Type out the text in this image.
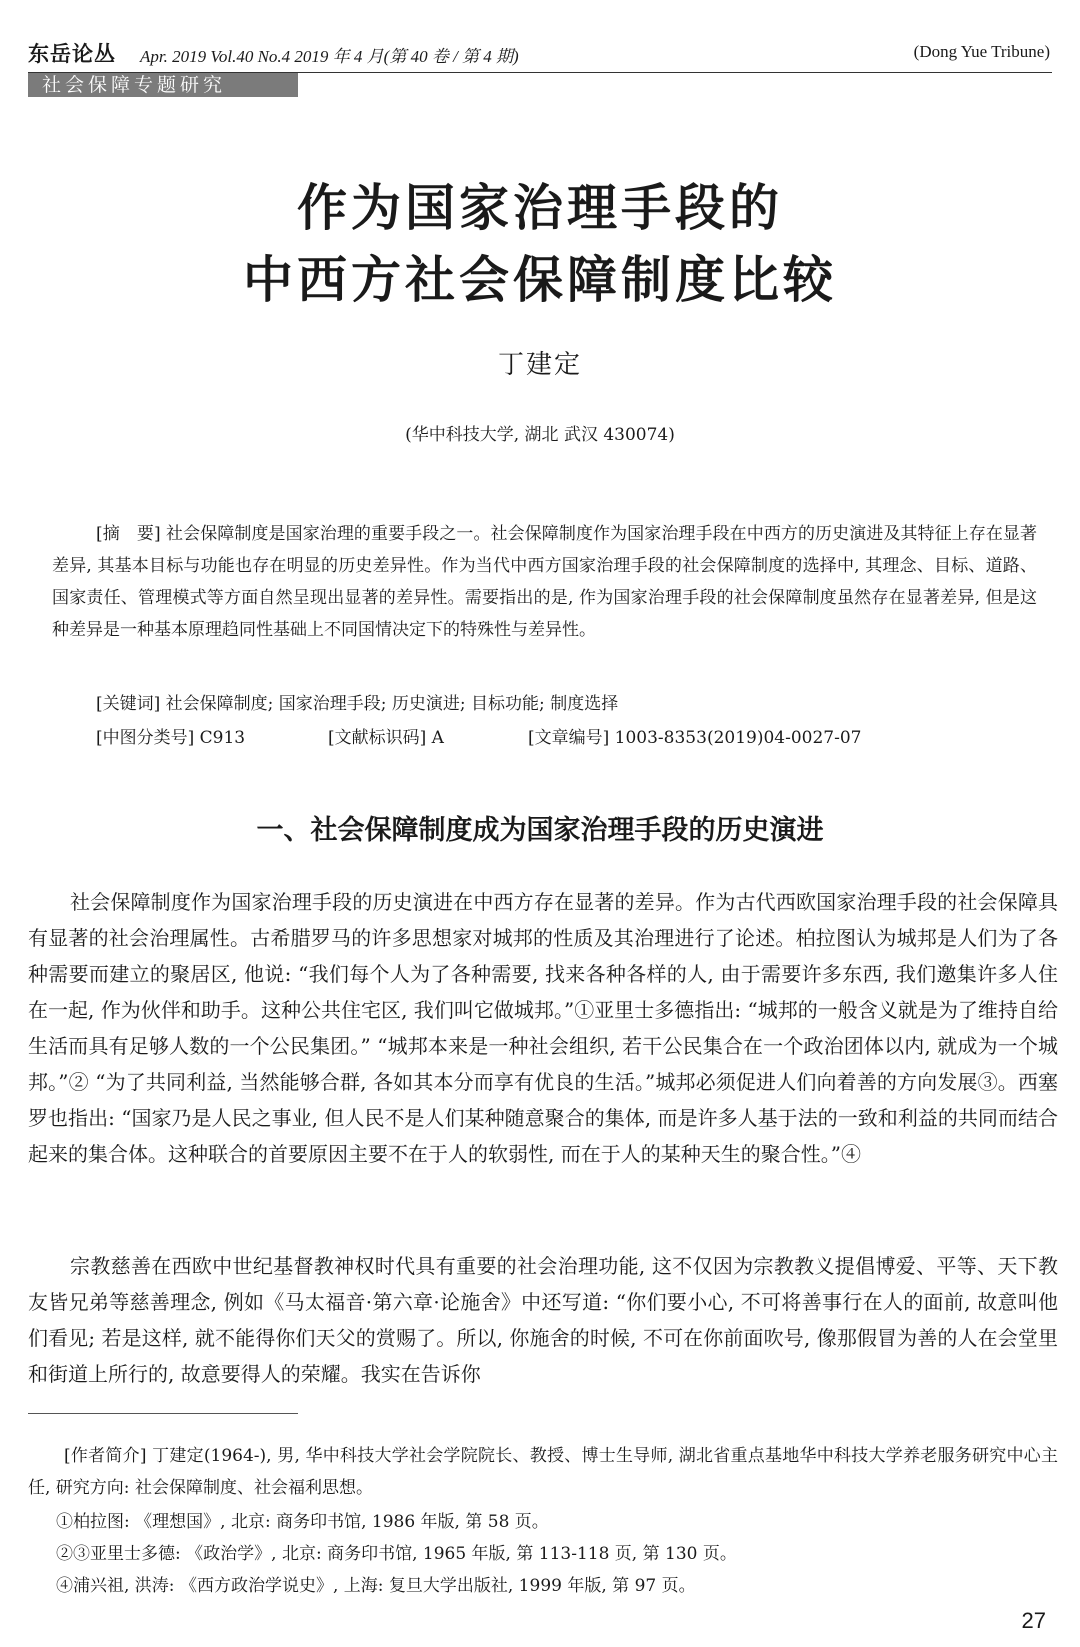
东岳论丛 Apr. 2019 Vol.40 No.4 2019 年 4 月(第 40 卷 / 第 4 期)	(Dong Yue Tribune)
社会保障专题研究
作为国家治理手段的
中西方社会保障制度比较
丁建定
(华中科技大学, 湖北 武汉 430074)
[摘　要] 社会保障制度是国家治理的重要手段之一。社会保障制度作为国家治理手段在中西方的历史演进及其特征上存在显著差异, 其基本目标与功能也存在明显的历史差异性。作为当代中西方国家治理手段的社会保障制度的选择中, 其理念、目标、道路、国家责任、管理模式等方面自然呈现出显著的差异性。需要指出的是, 作为国家治理手段的社会保障制度虽然存在显著差异, 但是这种差异是一种基本原理趋同性基础上不同国情决定下的特殊性与差异性。
[关键词] 社会保障制度; 国家治理手段; 历史演进; 目标功能; 制度选择
[中图分类号] C913	[文献标识码] A	[文章编号] 1003-8353(2019)04-0027-07
一、社会保障制度成为国家治理手段的历史演进
社会保障制度作为国家治理手段的历史演进在中西方存在显著的差异。作为古代西欧国家治理手段的社会保障具有显著的社会治理属性。古希腊罗马的许多思想家对城邦的性质及其治理进行了论述。柏拉图认为城邦是人们为了各种需要而建立的聚居区, 他说: “我们每个人为了各种需要, 找来各种各样的人, 由于需要许多东西, 我们邀集许多人住在一起, 作为伙伴和助手。这种公共住宅区, 我们叫它做城邦。”①亚里士多德指出: “城邦的一般含义就是为了维持自给生活而具有足够人数的一个公民集团。” “城邦本来是一种社会组织, 若干公民集合在一个政治团体以内, 就成为一个城邦。”② “为了共同利益, 当然能够合群, 各如其本分而享有优良的生活。”城邦必须促进人们向着善的方向发展③。西塞罗也指出: “国家乃是人民之事业, 但人民不是人们某种随意聚合的集体, 而是许多人基于法的一致和利益的共同而结合起来的集合体。这种联合的首要原因主要不在于人的软弱性, 而在于人的某种天生的聚合性。”④
宗教慈善在西欧中世纪基督教神权时代具有重要的社会治理功能, 这不仅因为宗教教义提倡博爱、平等、天下教友皆兄弟等慈善理念, 例如《马太福音·第六章·论施舍》中还写道: “你们要小心, 不可将善事行在人的面前, 故意叫他们看见; 若是这样, 就不能得你们天父的赏赐了。所以, 你施舍的时候, 不可在你前面吹号, 像那假冒为善的人在会堂里和街道上所行的, 故意要得人的荣耀。我实在告诉你
[作者简介] 丁建定(1964-), 男, 华中科技大学社会学院院长、教授、博士生导师, 湖北省重点基地华中科技大学养老服务研究中心主任, 研究方向: 社会保障制度、社会福利思想。
①柏拉图: 《理想国》, 北京: 商务印书馆, 1986 年版, 第 58 页。
②③亚里士多德: 《政治学》, 北京: 商务印书馆, 1965 年版, 第 113-118 页, 第 130 页。
④浦兴祖, 洪涛: 《西方政治学说史》, 上海: 复旦大学出版社, 1999 年版, 第 97 页。
27
